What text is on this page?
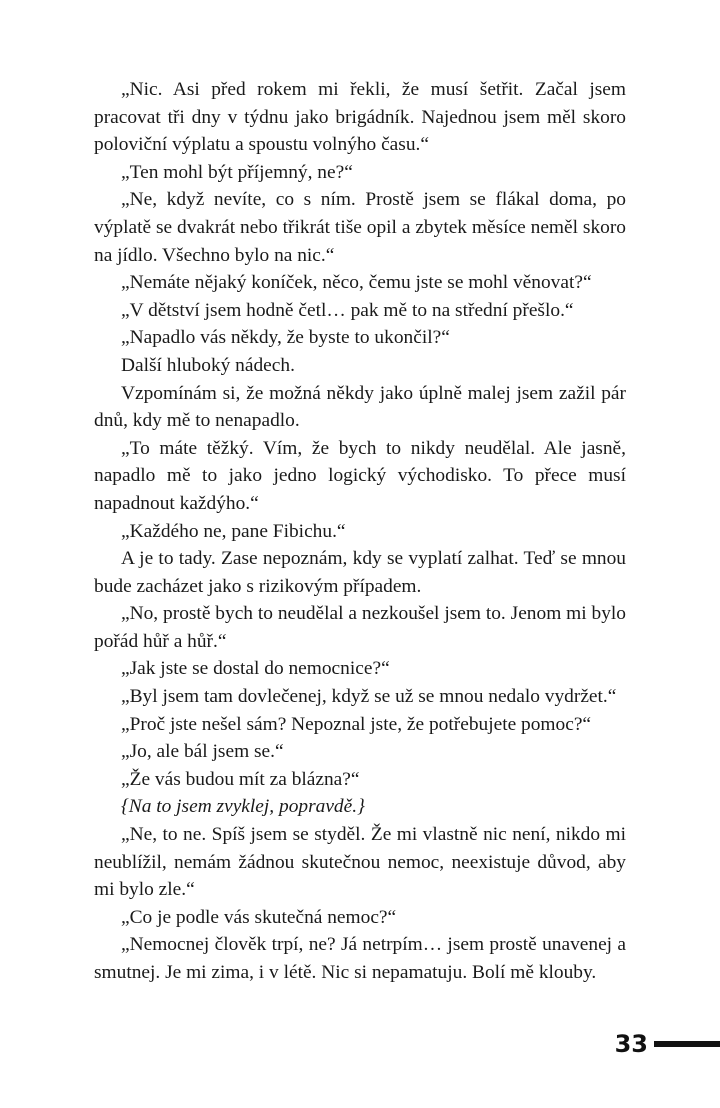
„Nic. Asi před rokem mi řekli, že musí šetřit. Začal jsem pracovat tři dny v týdnu jako brigádník. Najednou jsem měl skoro poloviční výplatu a spoustu volnýho času.“

„Ten mohl být příjemný, ne?“

„Ne, když nevíte, co s ním. Prostě jsem se flákal doma, po výplatě se dvakrát nebo třikrát tiše opil a zbytek měsíce neměl skoro na jídlo. Všechno bylo na nic.“

„Nemáte nějaký koníček, něco, čemu jste se mohl věnovat?“

„V dětství jsem hodně četl… pak mě to na střední přešlo.“

„Napadlo vás někdy, že byste to ukončil?“

Další hluboký nádech.

Vzpomínám si, že možná někdy jako úplně malej jsem zažil pár dnů, kdy mě to nenapadlo.

„To máte těžký. Vím, že bych to nikdy neudělal. Ale jasně, napadlo mě to jako jedno logický východisko. To přece musí napadnout každýho.“

„Každého ne, pane Fibichu.“

A je to tady. Zase nepoznám, kdy se vyplatí zalhat. Teď se mnou bude zacházet jako s rizikovým případem.

„No, prostě bych to neudělal a nezkoušel jsem to. Jenom mi bylo pořád hůř a hůř.“

„Jak jste se dostal do nemocnice?“

„Byl jsem tam dovlečenej, když se už se mnou nedalo vydržet.“

„Proč jste nešel sám? Nepoznal jste, že potřebujete pomoc?“

„Jo, ale bál jsem se.“

„Že vás budou mít za blázna?“

{Na to jsem zvyklej, popravdě.}

„Ne, to ne. Spíš jsem se styděl. Že mi vlastně nic není, nikdo mi neublížil, nemám žádnou skutečnou nemoc, neexistuje důvod, aby mi bylo zle.“

„Co je podle vás skutečná nemoc?“

„Nemocnej člověk trpí, ne? Já netrpím… jsem prostě unavenej a smutnej. Je mi zima, i v létě. Nic si nepamatuju. Bolí mě klouby.

33
